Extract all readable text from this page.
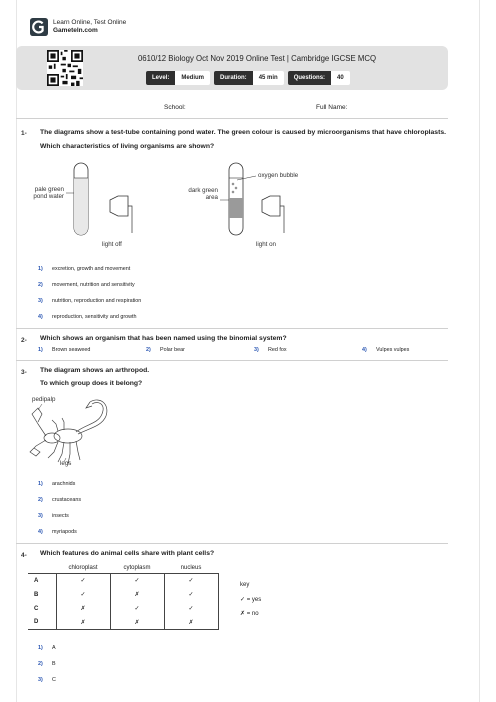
Learn Online, Test Online
Gameteln.com
0610/12 Biology Oct Nov 2019 Online Test | Cambridge IGCSE MCQ
Level:	Medium	Duration:	45 min	Questions:	40
School:	Full Name:
1- The diagrams show a test-tube containing pond water. The green colour is caused by microorganisms that have chloroplasts.
Which characteristics of living organisms are shown?
pale green
pond water
light off
dark green
area
oxygen bubble
light on
1) excretion, growth and movement
2) movement, nutrition and sensitivity
3) nutrition, reproduction and respiration
4) reproduction, sensitivity and growth
2- Which shows an organism that has been named using the binomial system?
1) Brown seaweed	2) Polar bear	3) Red fox	4) Vulpes vulpes
3- The diagram shows an arthropod.
To which group does it belong?
pedipalp
legs
1) arachnids
2) crustaceans
3) insects
4) myriapods
4- Which features do animal cells share with plant cells?
	chloroplast	cytoplasm	nucleus
A	✓	✓	✓
B	✓	✗	✓
C	✗	✓	✓
D	✗	✗	✗
key
✓ = yes
✗ = no
1) A
2) B
3) C
